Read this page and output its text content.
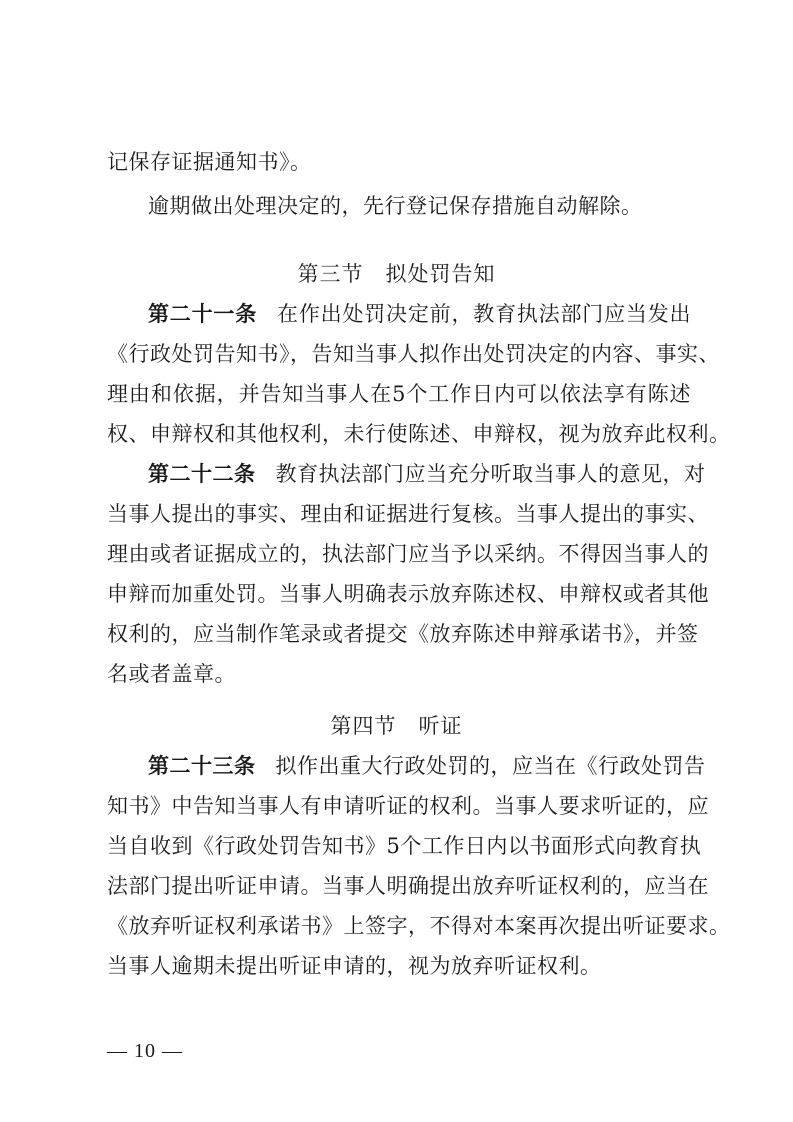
记保存证据通知书》。
逾期做出处理决定的，先行登记保存措施自动解除。
第三节　拟处罚告知
第二十一条 在作出处罚决定前，教育执法部门应当发出
《行政处罚告知书》，告知当事人拟作出处罚决定的内容、事实、
理由和依据，并告知当事人在5个工作日内可以依法享有陈述
权、申辩权和其他权利，未行使陈述、申辩权，视为放弃此权利。
第二十二条 教育执法部门应当充分听取当事人的意见，对
当事人提出的事实、理由和证据进行复核。当事人提出的事实、
理由或者证据成立的，执法部门应当予以采纳。不得因当事人的
申辩而加重处罚。当事人明确表示放弃陈述权、申辩权或者其他
权利的，应当制作笔录或者提交《放弃陈述申辩承诺书》，并签
名或者盖章。
第四节　听证
第二十三条 拟作出重大行政处罚的，应当在《行政处罚告
知书》中告知当事人有申请听证的权利。当事人要求听证的，应
当自收到《行政处罚告知书》5个工作日内以书面形式向教育执
法部门提出听证申请。当事人明确提出放弃听证权利的，应当在
《放弃听证权利承诺书》上签字，不得对本案再次提出听证要求。
当事人逾期未提出听证申请的，视为放弃听证权利。
— 10 —
